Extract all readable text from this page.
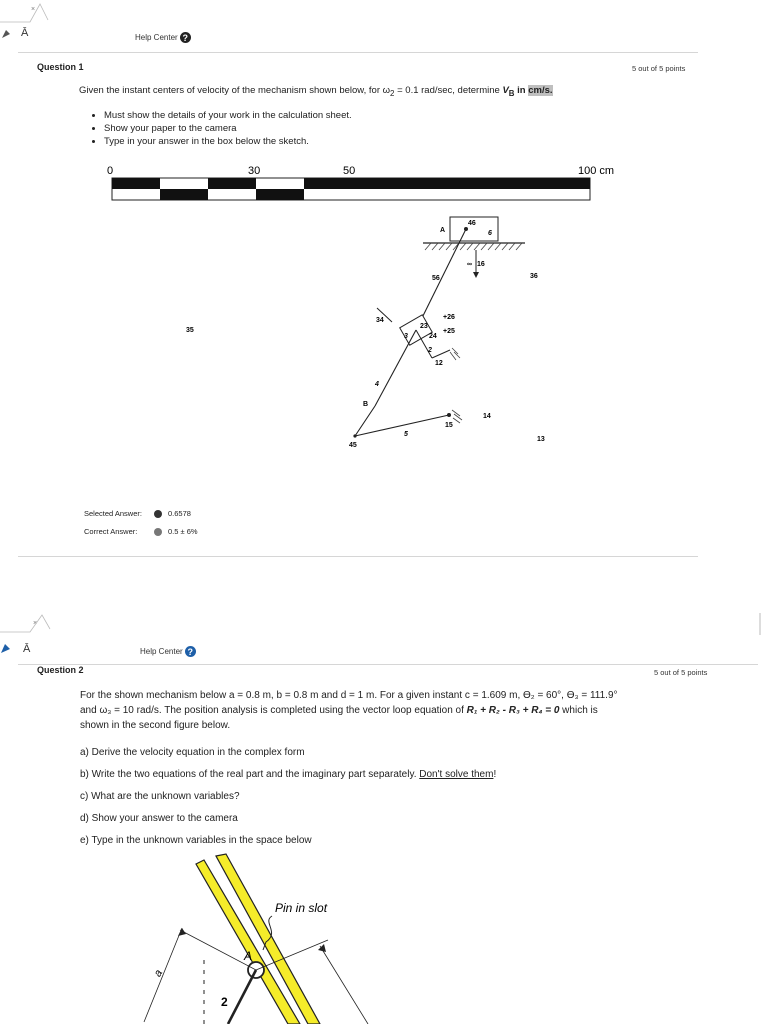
×
Ā	Help Center ?
Question 1	5 out of 5 points
Given the instant centers of velocity of the mechanism shown below, for $\omega_2 = 0.1$ rad/sec, determine $V_B$ in cm/s.
• Must show the details of your work in the calculation sheet.
• Show your paper to the camera
• Type in your answer in the box below the sketch.
0	30	50	100 cm
A
46
6
∞ 16
56	36
34	+26
23
+25
24
3
2
12
35
4
B
14
15
5
45
13
Selected Answer:	0.6578
Correct Answer:	0.5 ± 6%
×
Ā	Help Center ?
Question 2	5 out of 5 points
For the shown mechanism below a = 0.8 m, b = 0.8 m and d = 1 m. For a given instant c = 1.609 m, ϴ₂ = 60°, ϴ₃ = 111.9°
and ω₃ = 10 rad/s. The position analysis is completed using the vector loop equation of R₁ + R₂ - R₃ + R₄ = 0 which is
shown in the second figure below.
a) Derive the velocity equation in the complex form
b) Write the two equations of the real part and the imaginary part separately. Don't solve them!
c) What are the unknown variables?
d) Show your answer to the camera
e) Type in the unknown variables in the space below
Pin in slot
A
2
a
